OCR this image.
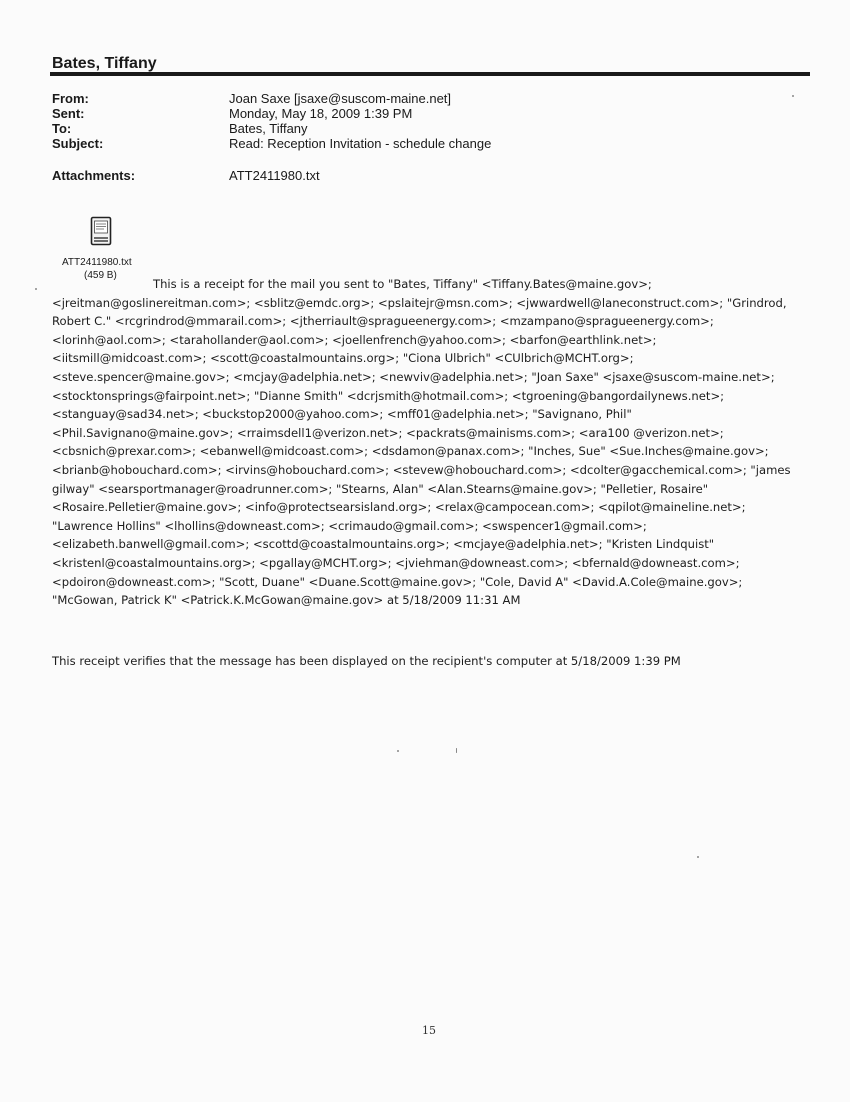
Bates, Tiffany
From:	Joan Saxe [jsaxe@suscom-maine.net]
Sent:	Monday, May 18, 2009 1:39 PM
To:	Bates, Tiffany
Subject:	Read: Reception Invitation - schedule change
Attachments:	ATT2411980.txt
ATT2411980.txt
(459 B)
This is a receipt for the mail you sent to "Bates, Tiffany" <Tiffany.Bates@maine.gov>; <jreitman@goslinereitman.com>; <sblitz@emdc.org>; <pslaitejr@msn.com>; <jwwardwell@laneconstruct.com>; "Grindrod, Robert C." <rcgrindrod@mmarail.com>; <jtherriault@spragueenergy.com>; <mzampano@spragueenergy.com>; <lorinh@aol.com>; <tarahollander@aol.com>; <joellenfrench@yahoo.com>; <barfon@earthlink.net>; <iitsmill@midcoast.com>; <scott@coastalmountains.org>; "Ciona Ulbrich" <CUlbrich@MCHT.org>; <steve.spencer@maine.gov>; <mcjay@adelphia.net>; <newviv@adelphia.net>; "Joan Saxe" <jsaxe@suscom-maine.net>; <stocktonsprings@fairpoint.net>; "Dianne Smith" <dcrjsmith@hotmail.com>; <tgroening@bangordailynews.net>; <stanguay@sad34.net>; <buckstop2000@yahoo.com>; <mff01@adelphia.net>; "Savignano, Phil" <Phil.Savignano@maine.gov>; <rraimsdell1@verizon.net>; <packrats@mainisms.com>; <ara100 @verizon.net>; <cbsnich@prexar.com>; <ebanwell@midcoast.com>; <dsdamon@panax.com>; "Inches, Sue" <Sue.Inches@maine.gov>; <brianb@hobouchard.com>; <irvins@hobouchard.com>; <stevew@hobouchard.com>; <dcolter@gacchemical.com>; "james gilway" <searsportmanager@roadrunner.com>; "Stearns, Alan" <Alan.Stearns@maine.gov>; "Pelletier, Rosaire" <Rosaire.Pelletier@maine.gov>; <info@protectsearsisland.org>; <relax@campocean.com>; <qpilot@maineline.net>; "Lawrence Hollins" <lhollins@downeast.com>; <crimaudo@gmail.com>; <swspencer1@gmail.com>; <elizabeth.banwell@gmail.com>; <scottd@coastalmountains.org>; <mcjaye@adelphia.net>; "Kristen Lindquist" <kristenl@coastalmountains.org>; <pgallay@MCHT.org>; <jviehman@downeast.com>; <bfernald@downeast.com>; <pdoiron@downeast.com>; "Scott, Duane" <Duane.Scott@maine.gov>; "Cole, David A" <David.A.Cole@maine.gov>; "McGowan, Patrick K" <Patrick.K.McGowan@maine.gov> at 5/18/2009 11:31 AM
This receipt verifies that the message has been displayed on the recipient's computer at 5/18/2009 1:39 PM
15
